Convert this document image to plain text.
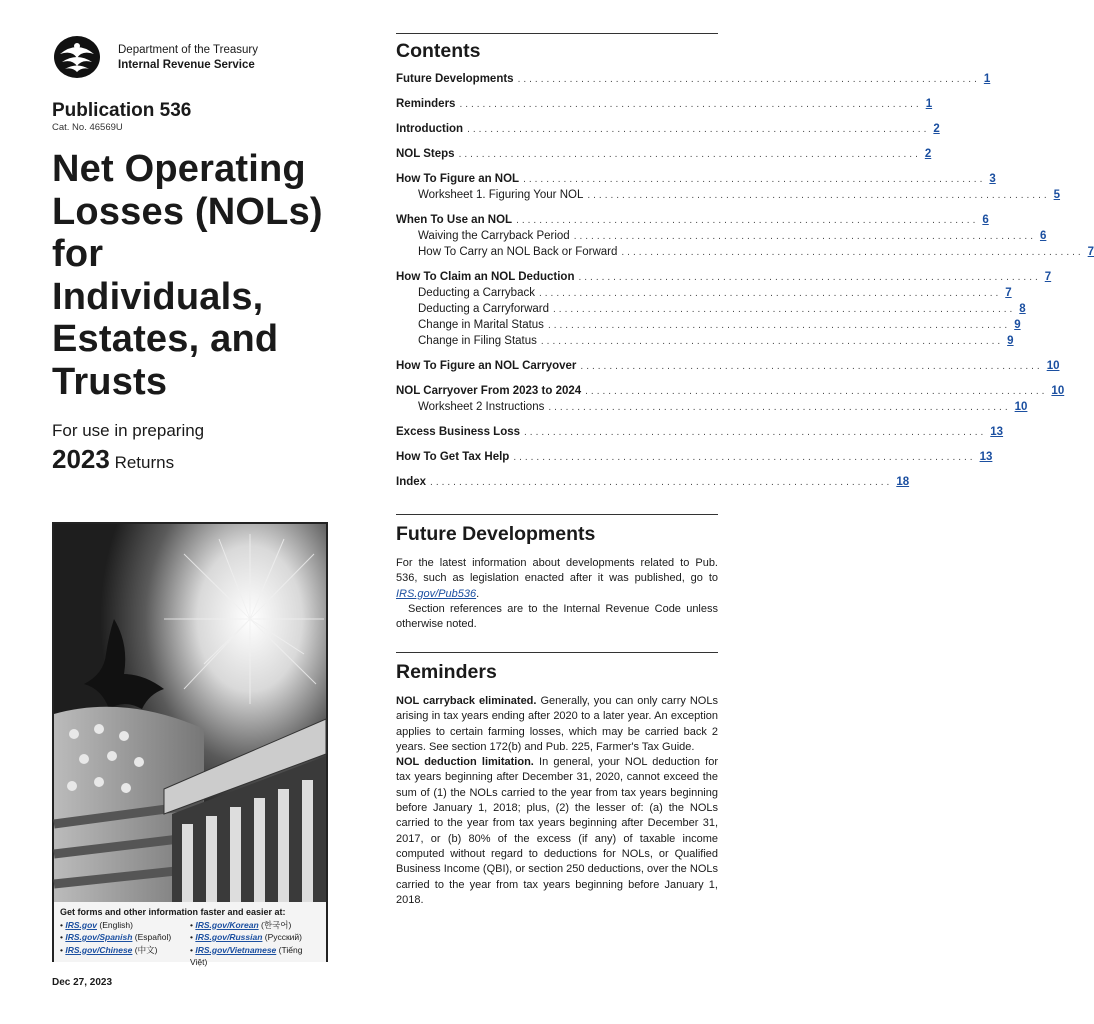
Department of the Treasury
Internal Revenue Service
Publication 536
Cat. No. 46569U
Net Operating
Losses (NOLs)
for
Individuals,
Estates, and
Trusts
For use in preparing
2023 Returns
Get forms and other information faster and easier at:
• IRS.gov (English)
• IRS.gov/Spanish (Español)
• IRS.gov/Chinese (中文)
• IRS.gov/Korean (한국어)
• IRS.gov/Russian (Русский)
• IRS.gov/Vietnamese (Tiếng Việt)
Dec 27, 2023
Contents
Future Developments ................................................................................ 1
Reminders ................................................................................ 1
Introduction ................................................................................ 2
NOL Steps ................................................................................ 2
How To Figure an NOL ................................................................................ 3
Worksheet 1. Figuring Your NOL ................................................................................ 5
When To Use an NOL ................................................................................ 6
Waiving the Carryback Period ................................................................................ 6
How To Carry an NOL Back or Forward ................................................................................ 7
How To Claim an NOL Deduction ................................................................................ 7
Deducting a Carryback ................................................................................ 7
Deducting a Carryforward ................................................................................ 8
Change in Marital Status ................................................................................ 9
Change in Filing Status ................................................................................ 9
How To Figure an NOL Carryover ................................................................................ 10
NOL Carryover From 2023 to 2024 ................................................................................ 10
Worksheet 2 Instructions ................................................................................ 10
Excess Business Loss ................................................................................ 13
How To Get Tax Help ................................................................................ 13
Index ................................................................................ 18
Future Developments
For the latest information about developments related to Pub. 536, such as legislation enacted after it was published, go to IRS.gov/Pub536.
Section references are to the Internal Revenue Code unless otherwise noted.
Reminders
NOL carryback eliminated. Generally, you can only carry NOLs arising in tax years ending after 2020 to a later year. An exception applies to certain farming losses, which may be carried back 2 years. See section 172(b) and Pub. 225, Farmer's Tax Guide.
NOL deduction limitation. In general, your NOL deduction for tax years beginning after December 31, 2020, cannot exceed the sum of (1) the NOLs carried to the year from tax years beginning before January 1, 2018; plus, (2) the lesser of: (a) the NOLs carried to the year from tax years beginning after December 31, 2017, or (b) 80% of the excess (if any) of taxable income computed without regard to deductions for NOLs, or Qualified Business Income (QBI), or section 250 deductions, over the NOLs carried to the year from tax years beginning before January 1, 2018.
